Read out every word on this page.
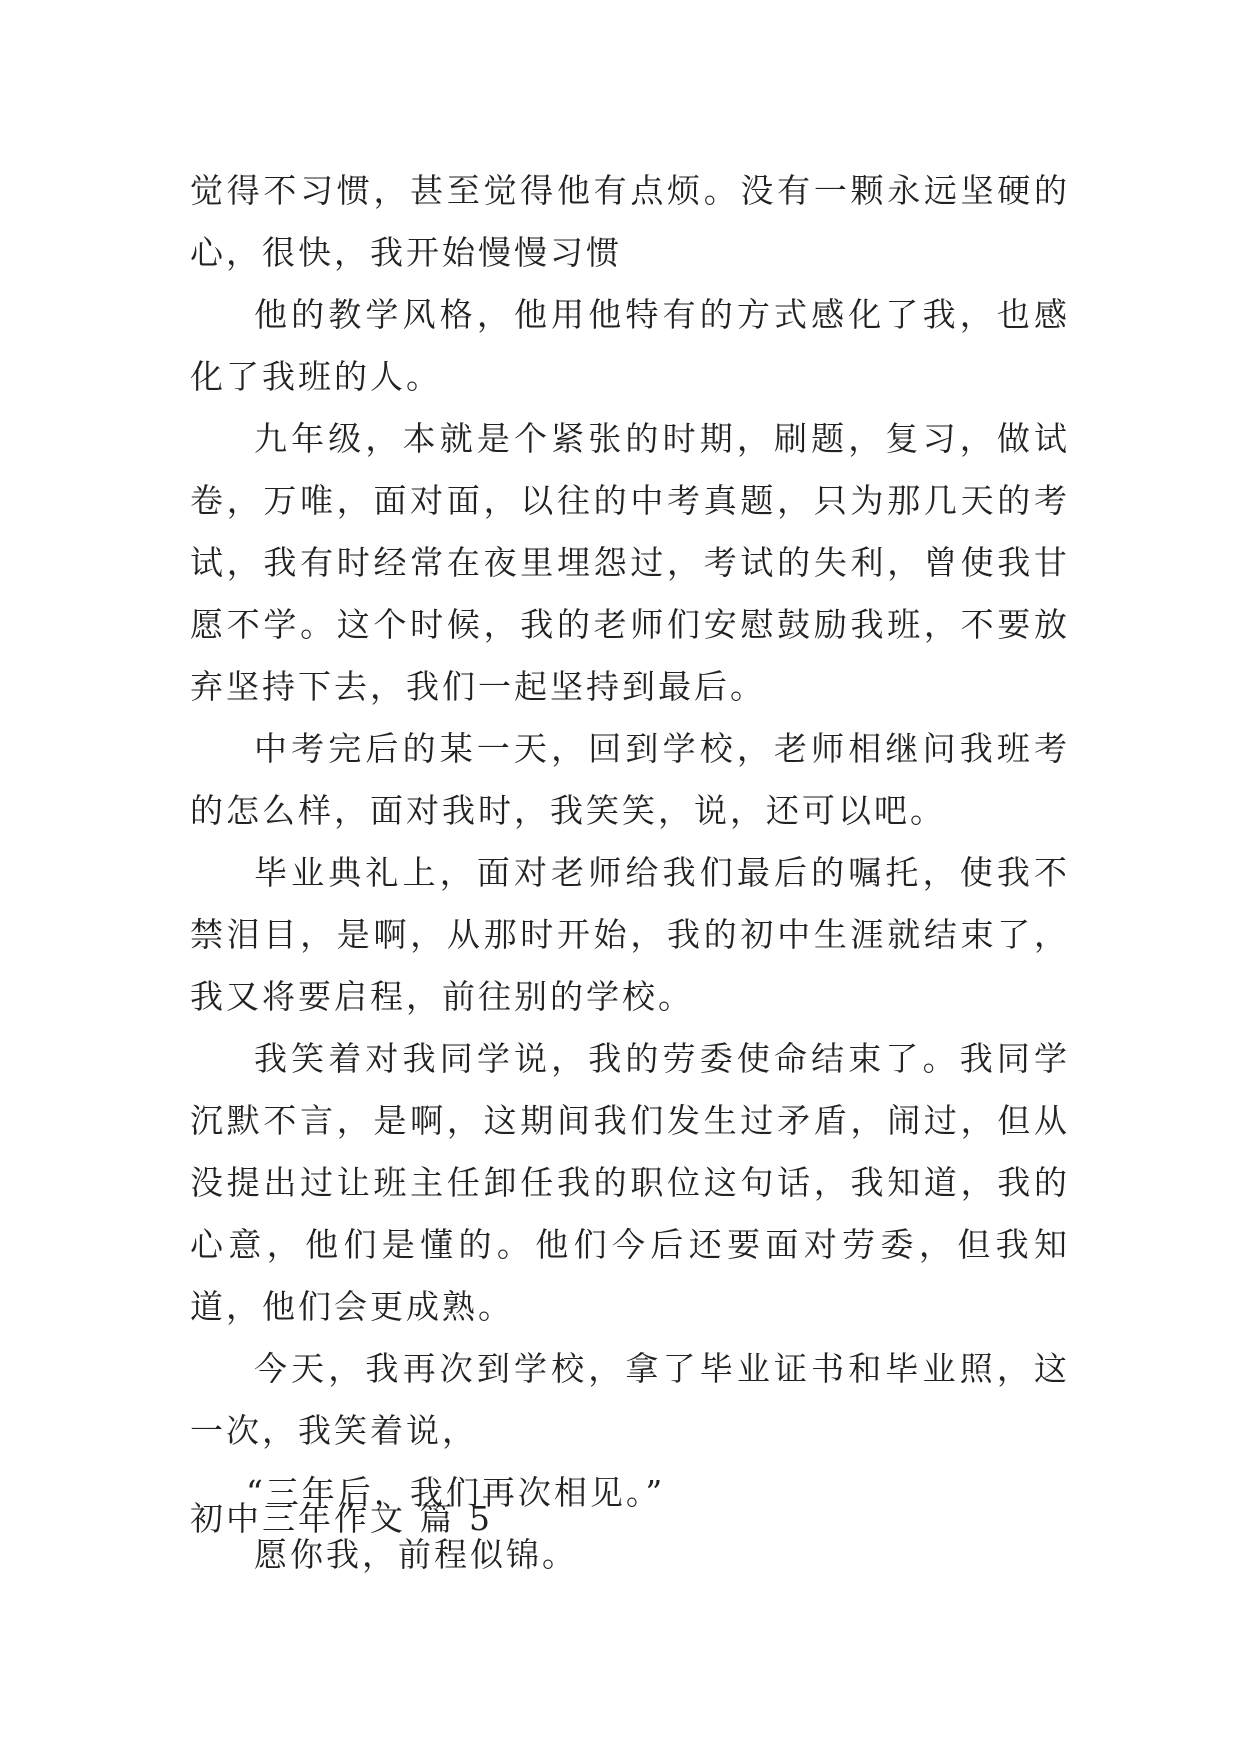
觉得不习惯，甚至觉得他有点烦。没有一颗永远坚硬的心，很快，我开始慢慢习惯

他的教学风格，他用他特有的方式感化了我，也感化了我班的人。

九年级，本就是个紧张的时期，刷题，复习，做试卷，万唯，面对面，以往的中考真题，只为那几天的考试，我有时经常在夜里埋怨过，考试的失利，曾使我甘愿不学。这个时候，我的老师们安慰鼓励我班，不要放弃坚持下去，我们一起坚持到最后。

中考完后的某一天，回到学校，老师相继问我班考的怎么样，面对我时，我笑笑，说，还可以吧。

毕业典礼上，面对老师给我们最后的嘱托，使我不禁泪目，是啊，从那时开始，我的初中生涯就结束了，我又将要启程，前往别的学校。

我笑着对我同学说，我的劳委使命结束了。我同学沉默不言，是啊，这期间我们发生过矛盾，闹过，但从没提出过让班主任卸任我的职位这句话，我知道，我的心意，他们是懂的。他们今后还要面对劳委，但我知道，他们会更成熟。

今天，我再次到学校，拿了毕业证书和毕业照，这一次，我笑着说，

“三年后，我们再次相见。”

愿你我，前程似锦。

初中三年作文 篇 5
